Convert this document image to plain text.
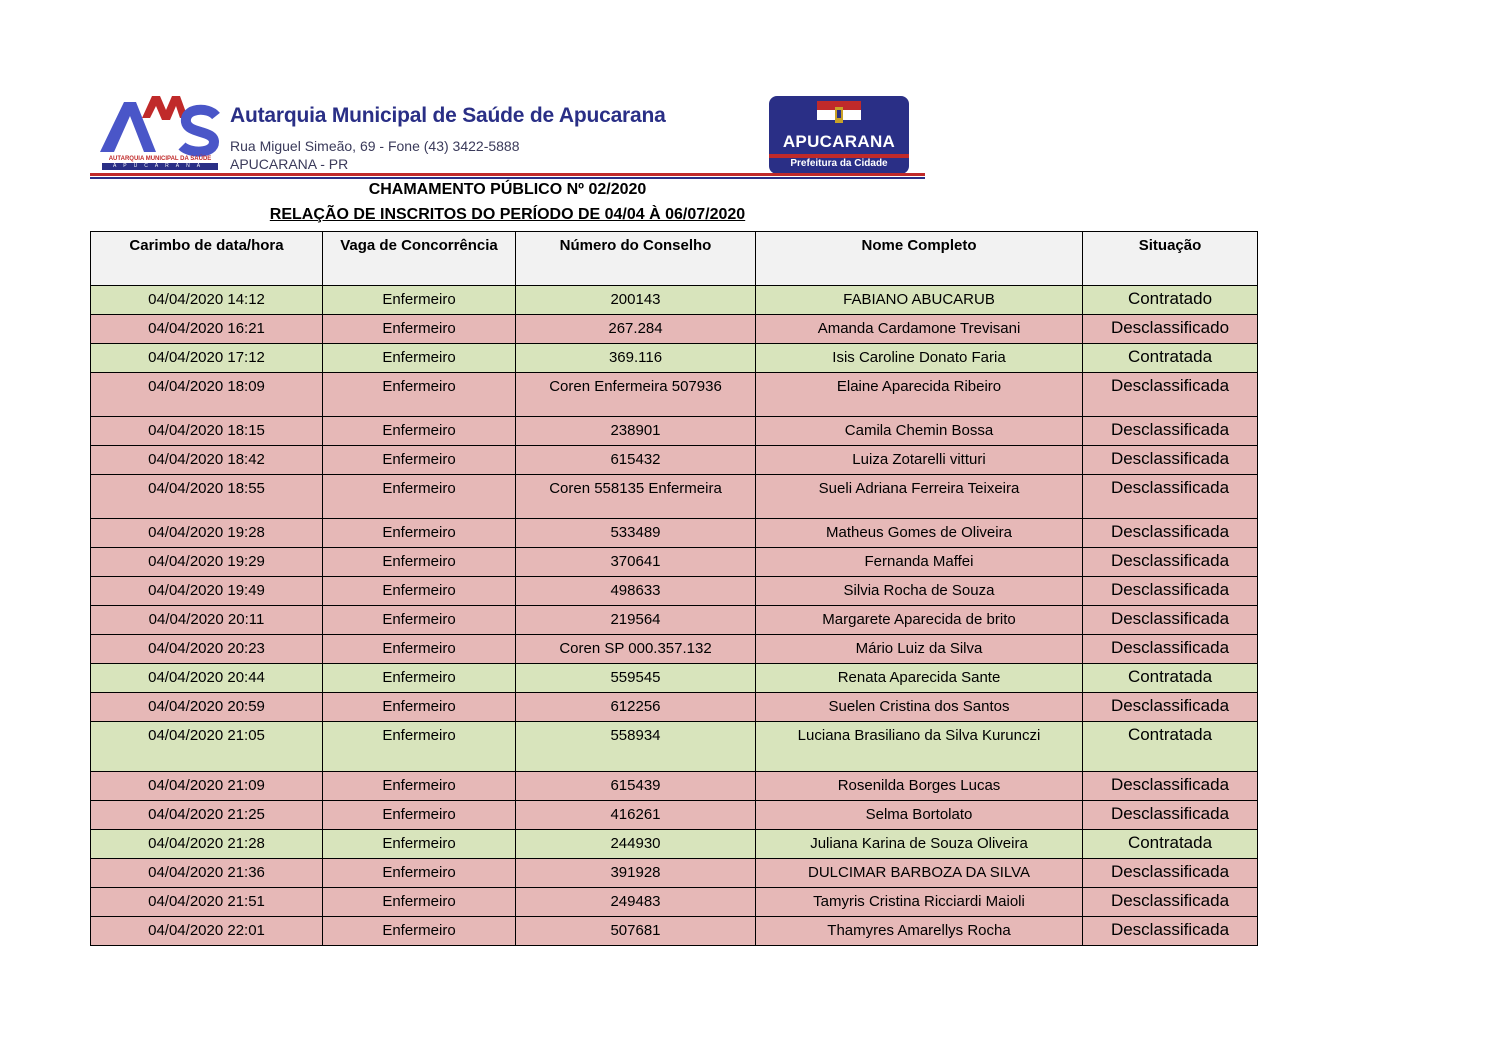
AUTARQUIA MUNICIPAL DA SAÚDE
APUCARANA
Autarquia Municipal de Saúde de Apucarana
Rua Miguel Simeão, 69 - Fone (43) 3422-5888
APUCARANA - PR
APUCARANA
Prefeitura da Cidade
CHAMAMENTO PÚBLICO Nº 02/2020
RELAÇÃO DE INSCRITOS DO PERÍODO DE 04/04 À 06/07/2020
Carimbo de data/hora	Vaga de Concorrência	Número do Conselho	Nome Completo	Situação
04/04/2020 14:12	Enfermeiro	200143	FABIANO ABUCARUB	Contratado
04/04/2020 16:21	Enfermeiro	267.284	Amanda Cardamone Trevisani	Desclassificado
04/04/2020 17:12	Enfermeiro	369.116	Isis Caroline Donato Faria	Contratada
04/04/2020 18:09	Enfermeiro	Coren Enfermeira 507936	Elaine Aparecida Ribeiro	Desclassificada
04/04/2020 18:15	Enfermeiro	238901	Camila Chemin Bossa	Desclassificada
04/04/2020 18:42	Enfermeiro	615432	Luiza Zotarelli vitturi	Desclassificada
04/04/2020 18:55	Enfermeiro	Coren 558135 Enfermeira	Sueli Adriana Ferreira Teixeira	Desclassificada
04/04/2020 19:28	Enfermeiro	533489	Matheus Gomes de Oliveira	Desclassificada
04/04/2020 19:29	Enfermeiro	370641	Fernanda Maffei	Desclassificada
04/04/2020 19:49	Enfermeiro	498633	Silvia Rocha de Souza	Desclassificada
04/04/2020 20:11	Enfermeiro	219564	Margarete Aparecida de brito	Desclassificada
04/04/2020 20:23	Enfermeiro	Coren SP 000.357.132	Mário Luiz da Silva	Desclassificada
04/04/2020 20:44	Enfermeiro	559545	Renata Aparecida Sante	Contratada
04/04/2020 20:59	Enfermeiro	612256	Suelen Cristina dos Santos	Desclassificada
04/04/2020 21:05	Enfermeiro	558934	Luciana Brasiliano da Silva Kurunczi	Contratada
04/04/2020 21:09	Enfermeiro	615439	Rosenilda Borges Lucas	Desclassificada
04/04/2020 21:25	Enfermeiro	416261	Selma Bortolato	Desclassificada
04/04/2020 21:28	Enfermeiro	244930	Juliana Karina de Souza Oliveira	Contratada
04/04/2020 21:36	Enfermeiro	391928	DULCIMAR BARBOZA DA SILVA	Desclassificada
04/04/2020 21:51	Enfermeiro	249483	Tamyris Cristina Ricciardi Maioli	Desclassificada
04/04/2020 22:01	Enfermeiro	507681	Thamyres Amarellys Rocha	Desclassificada
